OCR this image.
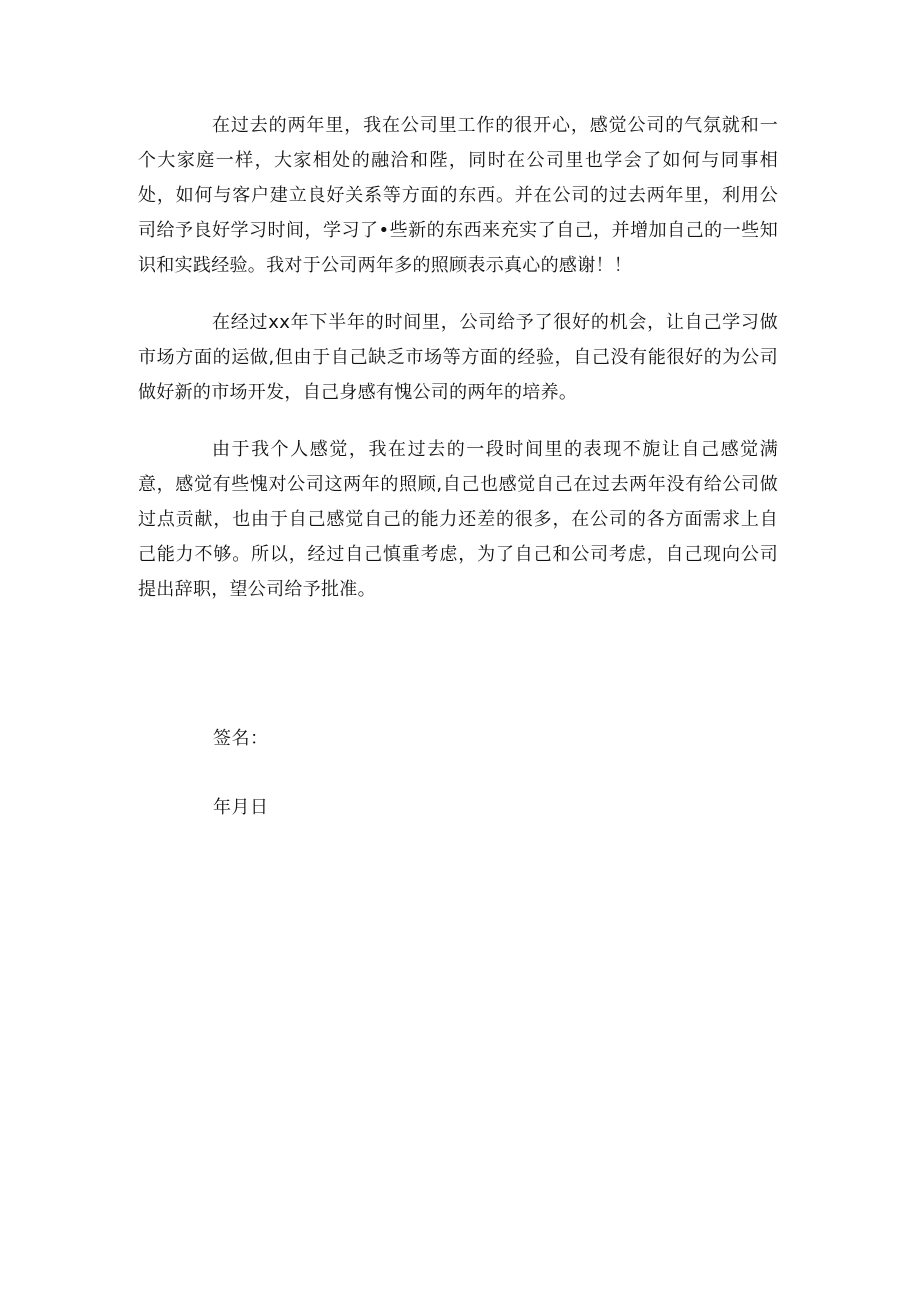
在过去的两年里，我在公司里工作的很开心，感觉公司的气氛就和一个大家庭一样，大家相处的融洽和陛，同时在公司里也学会了如何与同事相处，如何与客户建立良好关系等方面的东西。并在公司的过去两年里，利用公司给予良好学习时间，学习了•些新的东西来充实了自己，并增加自己的一些知识和实践经验。我对于公司两年多的照顾表示真心的感谢！！

在经过xx年下半年的时间里，公司给予了很好的机会，让自己学习做市场方面的运做,但由于自己缺乏市场等方面的经验，自己没有能很好的为公司做好新的市场开发，自己身感有愧公司的两年的培养。

由于我个人感觉，我在过去的一段时间里的表现不旎让自己感觉满意，感觉有些愧对公司这两年的照顾,自己也感觉自己在过去两年没有给公司做过点贡献，也由于自己感觉自己的能力还差的很多，在公司的各方面需求上自己能力不够。所以，经过自己慎重考虑，为了自己和公司考虑，自己现向公司提出辞职，望公司给予批准。

签名：
年月日
